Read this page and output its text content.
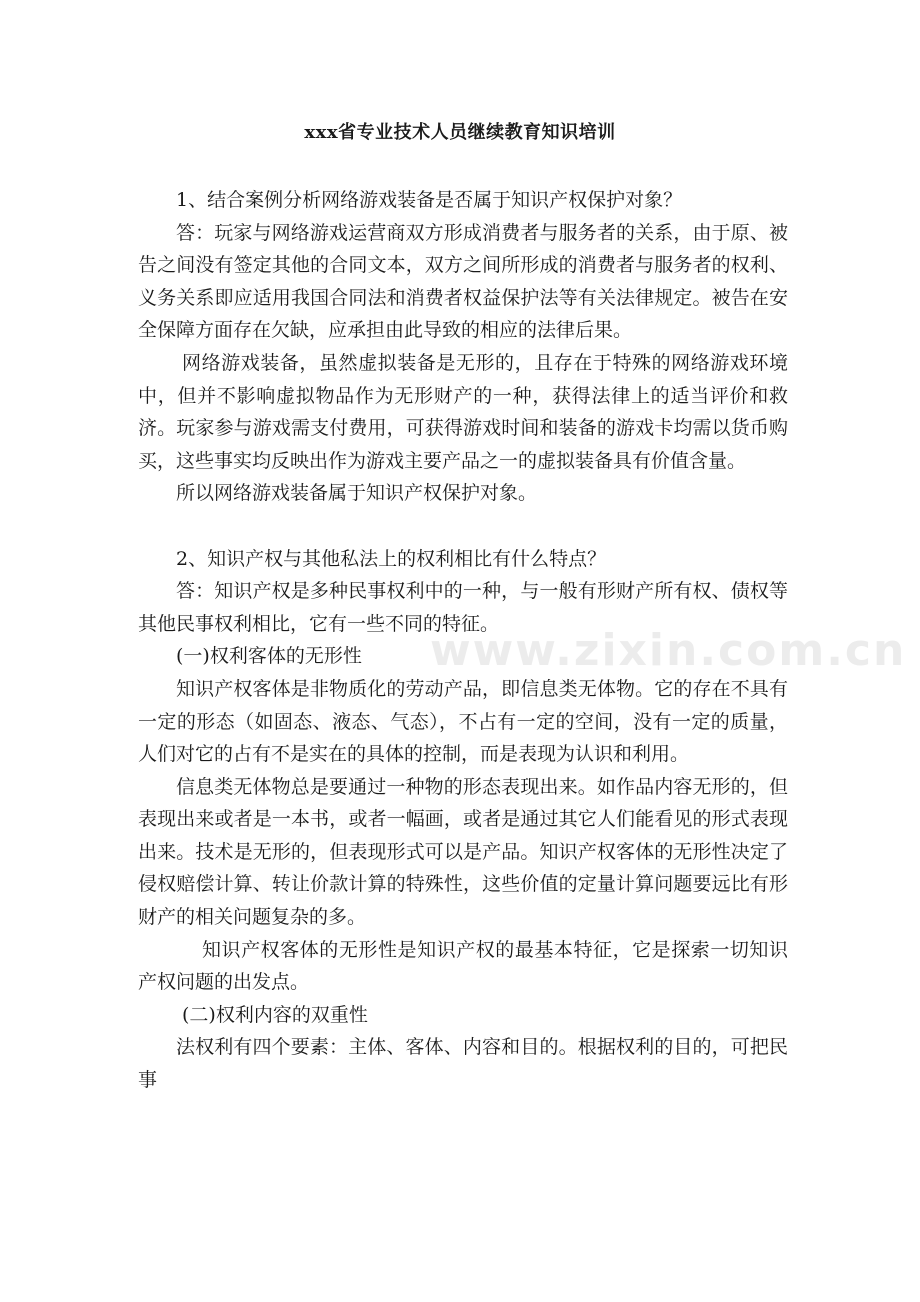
xxx省专业技术人员继续教育知识培训

1、结合案例分析网络游戏装备是否属于知识产权保护对象？

答：玩家与网络游戏运营商双方形成消费者与服务者的关系，由于原、被告之间没有签定其他的合同文本，双方之间所形成的消费者与服务者的权利、义务关系即应适用我国合同法和消费者权益保护法等有关法律规定。被告在安全保障方面存在欠缺，应承担由此导致的相应的法律后果。

网络游戏装备，虽然虚拟装备是无形的，且存在于特殊的网络游戏环境中，但并不影响虚拟物品作为无形财产的一种，获得法律上的适当评价和救济。玩家参与游戏需支付费用，可获得游戏时间和装备的游戏卡均需以货币购买，这些事实均反映出作为游戏主要产品之一的虚拟装备具有价值含量。

所以网络游戏装备属于知识产权保护对象。

2、知识产权与其他私法上的权利相比有什么特点？

答：知识产权是多种民事权利中的一种，与一般有形财产所有权、债权等其他民事权利相比，它有一些不同的特征。

(一)权利客体的无形性

知识产权客体是非物质化的劳动产品，即信息类无体物。它的存在不具有一定的形态（如固态、液态、气态），不占有一定的空间，没有一定的质量，人们对它的占有不是实在的具体的控制，而是表现为认识和利用。

信息类无体物总是要通过一种物的形态表现出来。如作品内容无形的，但表现出来或者是一本书，或者一幅画，或者是通过其它人们能看见的形式表现出来。技术是无形的，但表现形式可以是产品。知识产权客体的无形性决定了侵权赔偿计算、转让价款计算的特殊性，这些价值的定量计算问题要远比有形财产的相关问题复杂的多。

知识产权客体的无形性是知识产权的最基本特征，它是探索一切知识产权问题的出发点。

(二)权利内容的双重性

法权利有四个要素：主体、客体、内容和目的。根据权利的目的，可把民事

www.zixin.com.cn
